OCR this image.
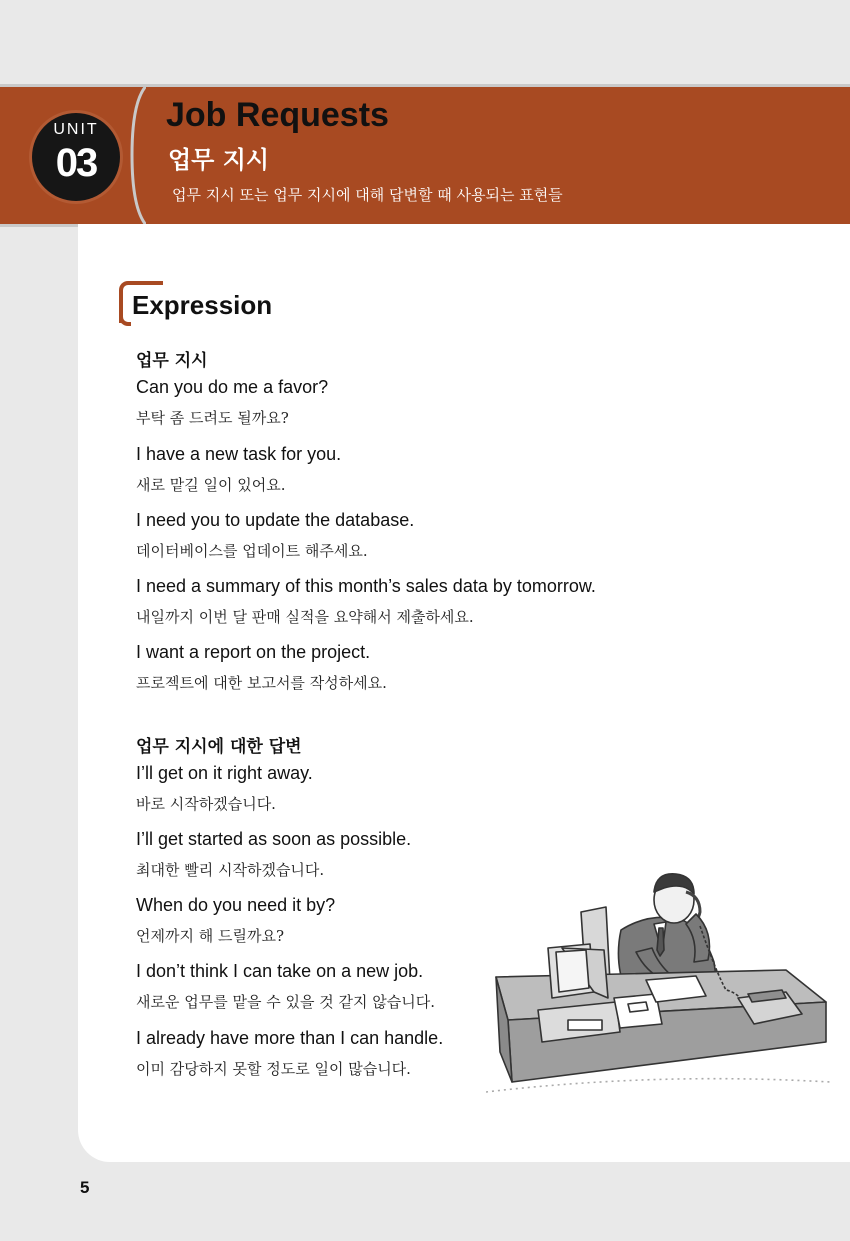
UNIT
03
Job Requests
업무 지시
업무 지시 또는 업무 지시에 대해 답변할 때 사용되는 표현들
Expression
업무 지시
Can you do me a favor?
부탁 좀 드려도 될까요?
I have a new task for you.
새로 맡길 일이 있어요.
I need you to update the database.
데이터베이스를 업데이트 해주세요.
I need a summary of this month’s sales data by tomorrow.
내일까지 이번 달 판매 실적을 요약해서 제출하세요.
I want a report on the project.
프로젝트에 대한 보고서를 작성하세요.
업무 지시에 대한 답변
I’ll get on it right away.
바로 시작하겠습니다.
I’ll get started as soon as possible.
최대한 빨리 시작하겠습니다.
When do you need it by?
언제까지 해 드릴까요?
I don’t think I can take on a new job.
새로운 업무를 맡을 수 있을 것 같지 않습니다.
I already have more than I can handle.
이미 감당하지 못할 정도로 일이 많습니다.
5
